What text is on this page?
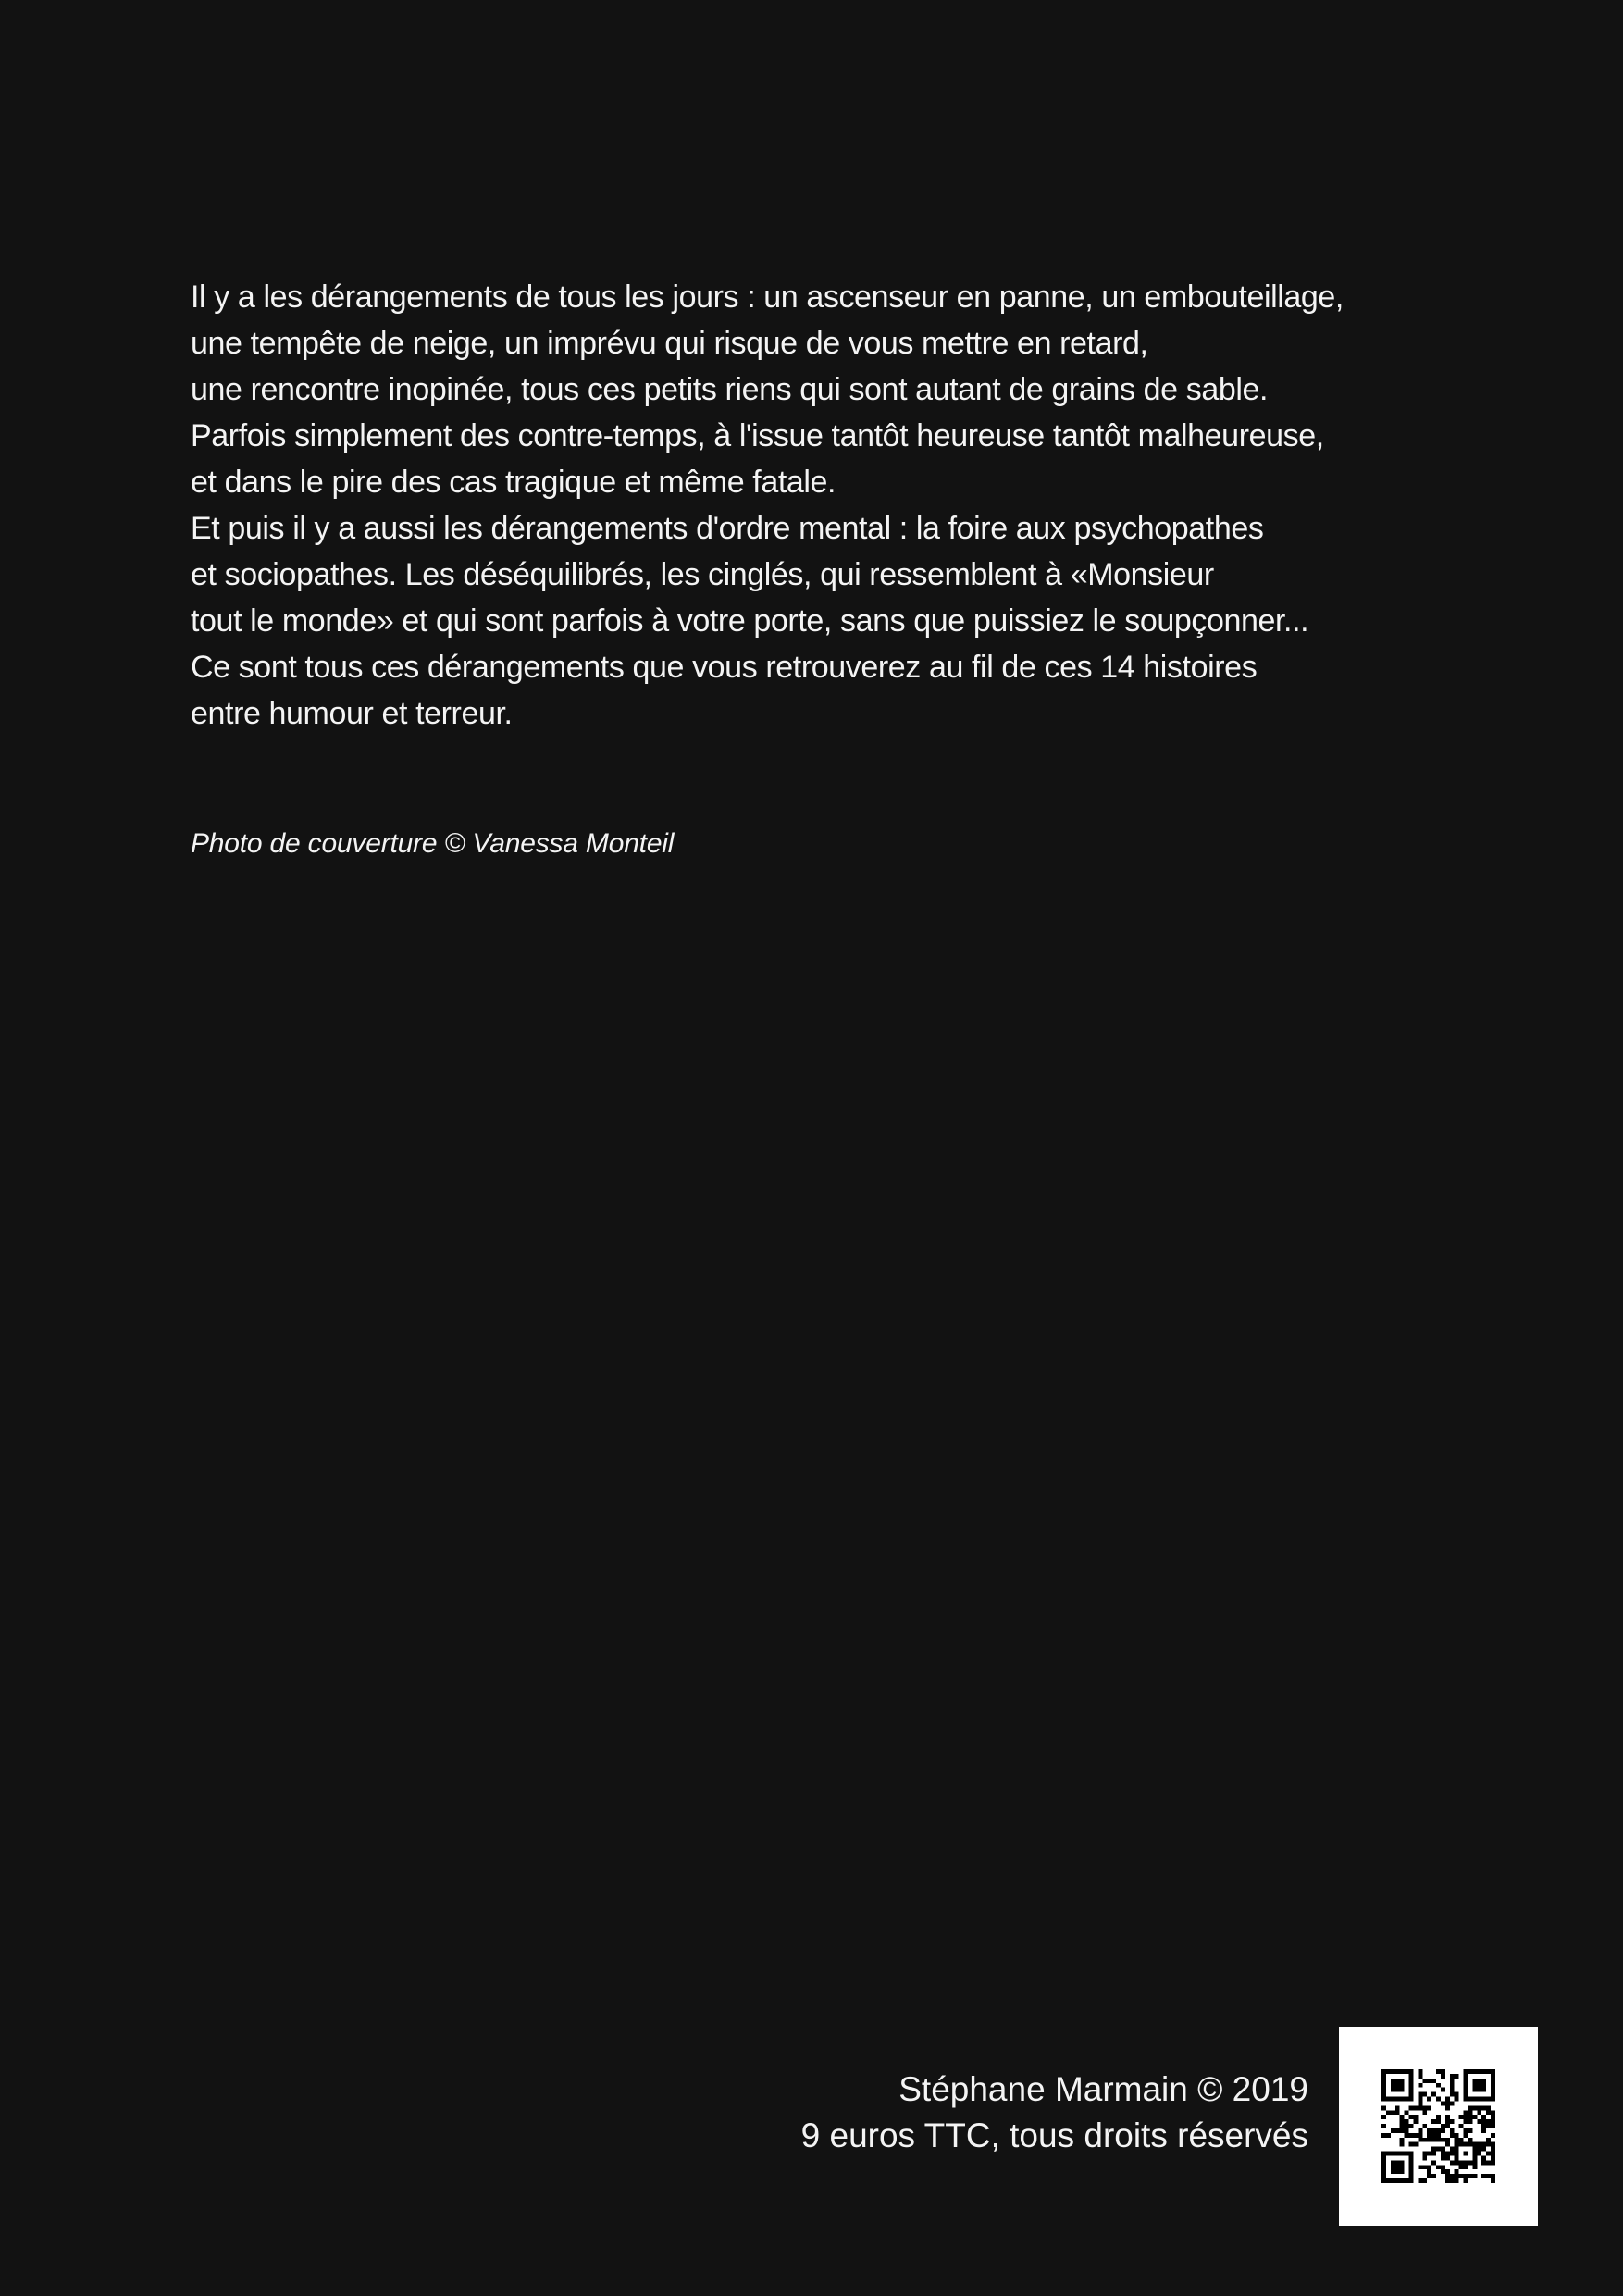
Il y a les dérangements de tous les jours : un ascenseur en panne, un embouteillage,
une tempête de neige, un imprévu qui risque de vous mettre en retard,
une rencontre inopinée, tous ces petits riens qui sont autant de grains de sable.
Parfois simplement des contre-temps, à l'issue tantôt heureuse tantôt malheureuse,
et dans le pire des cas tragique et même fatale.
Et puis il y a aussi les dérangements d'ordre mental : la foire aux psychopathes
et sociopathes. Les déséquilibrés, les cinglés, qui ressemblent à «Monsieur
tout le monde» et qui sont parfois à votre porte, sans que puissiez le soupçonner...
Ce sont tous ces dérangements que vous retrouverez au fil de ces 14 histoires
entre humour et terreur.
Photo de couverture © Vanessa Monteil
Stéphane Marmain © 2019
9 euros TTC, tous droits réservés
